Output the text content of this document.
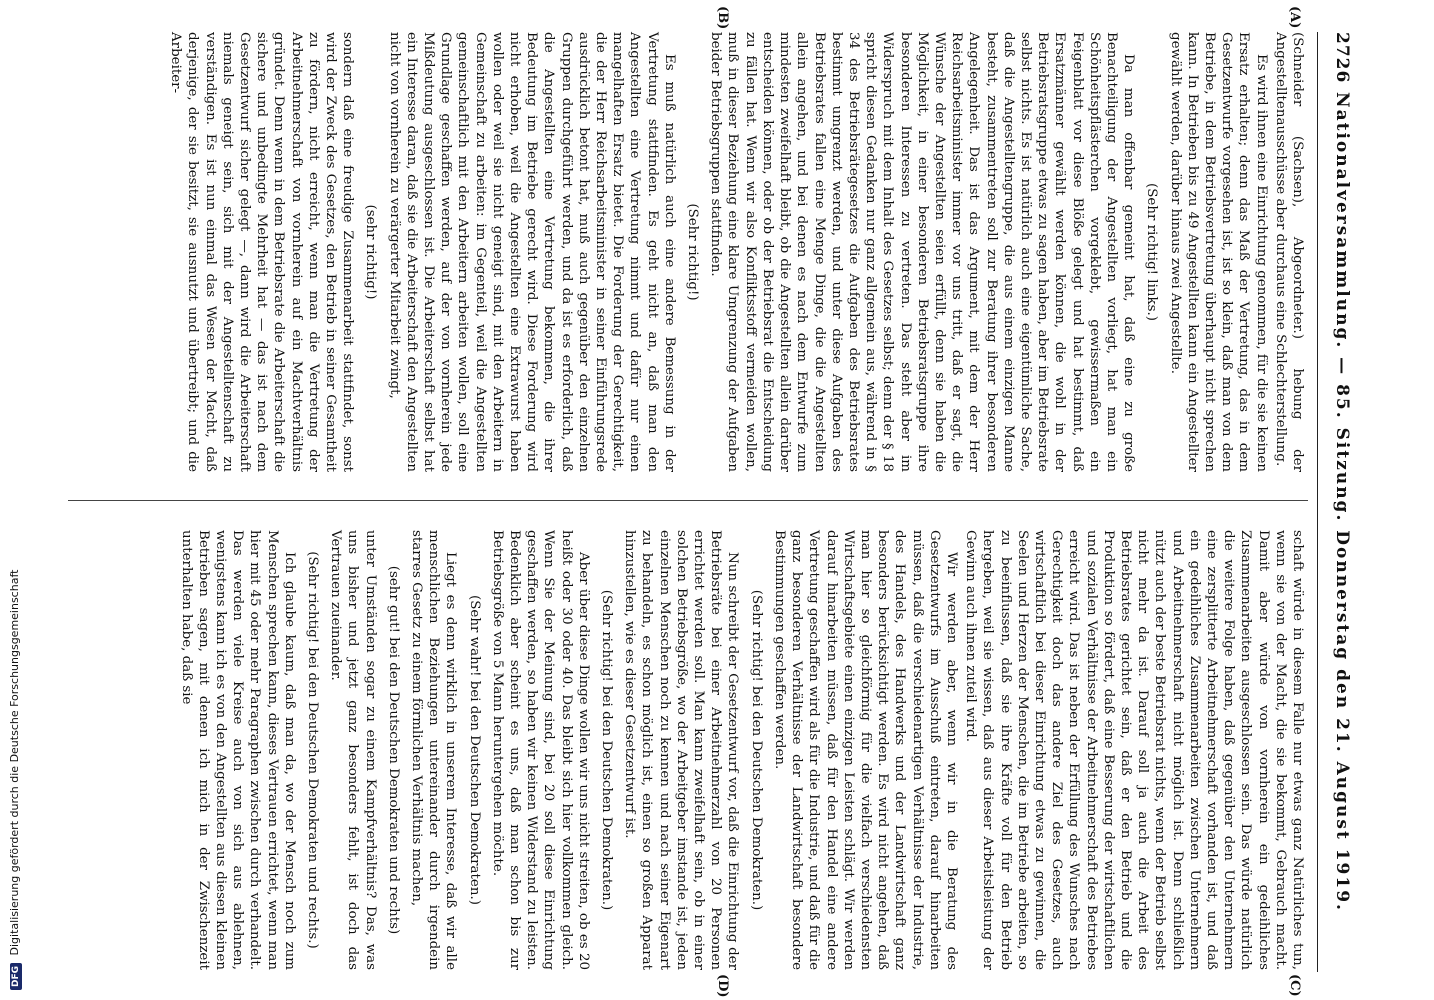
DFG Digitalisierung gefördert durch die Deutsche Forschungsgemeinschaft
2726
Nationalversammlung. — 85. Sitzung. Donnerstag den 21. August 1919.
(A)
(B)
(C)
(D)

(Schneider (Sachsen), Abgeordneter.) hebung der Angestelltenausschüsse aber durchaus eine Schlechterstellung.

Es wird ihnen eine Einrichtung genommen, für die sie keinen Ersatz erhalten; denn das Maß der Vertretung, das in dem Gesetzentwurfe vorgesehen ist, ist so klein, daß man von dem Betriebe, in dem Betriebsvertretung überhaupt nicht sprechen kann. In Betrieben bis zu 49 Angestellten kann ein Angestellter gewählt werden, darüber hinaus zwei Angestellte.

(Sehr richtig! links.)

Da man offenbar gemeint hat, daß eine zu große Benachteiligung der Angestellten vorliegt, hat man ein Schönheitspflästerchen vorgeklebt, gewissermaßen ein Feigenblatt vor diese Blöße gelegt und hat bestimmt, daß Ersatzmänner gewählt werden können, die wohl in der Betriebsratsgruppe etwas zu sagen haben, aber im Betriebsrate selbst nichts. Es ist natürlich auch eine eigentümliche Sache, daß die Angestelltengruppe, die aus einem einzigen Manne besteht, zusammentreten soll zur Beratung ihrer besonderen Angelegenheit. Das ist das Argument, mit dem der Herr Reichsarbeitsminister immer vor uns tritt, daß er sagt, die Wünsche der Angestellten seien erfüllt, denn sie haben die Möglichkeit, in einer besonderen Betriebsratsgruppe ihre besonderen Interessen zu vertreten. Das steht aber im Widerspruch mit dem Inhalt des Gesetzes selbst; denn der § 18 spricht diesen Gedanken nur ganz allgemein aus, während in § 34 des Betriebsrätegesetzes die Aufgaben des Betriebsrates bestimmt umgrenzt werden, und unter diese Aufgaben des Betriebsrates fallen eine Menge Dinge, die die Angestellten allein angehen, und bei denen es nach dem Entwurfe zum mindesten zweifelhaft bleibt, ob die Angestellten allein darüber entscheiden können, oder ob der Betriebsrat die Entscheidung zu fällen hat. Wenn wir also Konfliktsstoff vermeiden wollen, muß in dieser Beziehung eine klare Umgrenzung der Aufgaben beider Betriebsgruppen stattfinden.

(Sehr richtig!)

Es muß natürlich auch eine andere Bemessung in der Vertretung stattfinden. Es geht nicht an, daß man den Angestellten eine Vertretung nimmt und dafür nur einen mangelhaften Ersatz bietet. Die Forderung der Gerechtigkeit, die der Herr Reichsarbeitsminister in seiner Einführungsrede ausdrücklich betont hat, muß auch gegenüber den einzelnen Gruppen durchgeführt werden, und da ist es erforderlich, daß die Angestellten eine Vertretung bekommen, die ihrer Bedeutung im Betriebe gerecht wird. Diese Forderung wird nicht erhoben, weil die Angestellten eine Extrawurst haben wollen oder weil sie nicht geneigt sind, mit den Arbeitern in Gemeinschaft zu arbeiten: im Gegenteil, weil die Angestellten gemeinschaftlich mit den Arbeitern arbeiten wollen, soll eine Grundlage geschaffen werden, auf der von vornherein jede Mißdeutung ausgeschlossen ist. Die Arbeiterschaft selbst hat ein Interesse daran, daß sie die Arbeiterschaft den Angestellten nicht von vornherein zu verärgerter Mitarbeit zwingt,

(sehr richtig!)

sondern daß eine freudige Zusammenarbeit stattfindet, sonst wird der Zweck des Gesetzes, den Betrieb in seiner Gesamtheit zu fördern, nicht erreicht, wenn man die Vertretung der Arbeitnehmerschaft von vornherein auf ein Machtverhältnis gründet. Denn wenn in dem Betriebsrate die Arbeiterschaft die sichere und unbedingte Mehrheit hat — das ist nach dem Gesetzentwurf sicher gelegt —, dann wird die Arbeiterschaft niemals geneigt sein, sich mit der Angestelltenschaft zu verständigen. Es ist nun einmal das Wesen der Macht, daß derjenige, der sie besitzt, sie ausnutzt und übertreibt; und die Arbeiter-

schaft würde in diesem Falle nur etwas ganz Natürliches tun, wenn sie von der Macht, die sie bekommt, Gebrauch macht. Damit aber würde von vornherein ein gedeihliches Zusammenarbeiten ausgeschlossen sein. Das würde natürlich die weitere Folge haben, daß gegenüber den Unternehmern eine zersplitterte Arbeitnehmerschaft vorhanden ist, und daß ein gedeihliches Zusammenarbeiten zwischen Unternehmern und Arbeitnehmerschaft nicht möglich ist. Denn schließlich nützt auch der beste Betriebsrat nichts, wenn der Betrieb selbst nicht mehr da ist. Darauf soll ja auch die Arbeit des Betriebsrates gerichtet sein, daß er den Betrieb und die Produktion so fördert, daß eine Besserung der wirtschaftlichen und sozialen Verhältnisse der Arbeitnehmerschaft des Betriebes erreicht wird. Das ist neben der Erfüllung des Wunsches nach Gerechtigkeit doch das andere Ziel des Gesetzes, auch wirtschaftlich bei dieser Einrichtung etwas zu gewinnen, die Seelen und Herzen der Menschen, die im Betriebe arbeiten, so zu beeinflussen, daß sie ihre Kräfte voll für den Betrieb hergeben, weil sie wissen, daß aus dieser Arbeitsleistung der Gewinn auch ihnen zuteil wird.

Wir werden aber, wenn wir in die Beratung des Gesetzentwurfs im Ausschuß eintreten, darauf hinarbeiten müssen, daß die verschiedenartigen Verhältnisse der Industrie, des Handels, des Handwerks und der Landwirtschaft ganz besonders berücksichtigt werden. Es wird nicht angehen, daß man hier so gleichförmig für die vielfach verschiedensten Wirtschaftsgebiete einen einzigen Leisten schlägt. Wir werden darauf hinarbeiten müssen, daß für den Handel eine andere Vertretung geschaffen wird als für die Industrie, und daß für die ganz besonderen Verhältnisse der Landwirtschaft besondere Bestimmungen geschaffen werden.

(Sehr richtig! bei den Deutschen Demokraten.)

Nun schreibt der Gesetzentwurf vor, daß die Einrichtung der Betriebsräte bei einer Arbeitnehmerzahl von 20 Personen errichtet werden soll. Man kann zweifelhaft sein, ob in einer solchen Betriebsgröße, wo der Arbeitgeber imstande ist, jeden einzelnen Menschen noch zu kennen und nach seiner Eigenart zu behandeln, es schon möglich ist, einen so großen Apparat hinzustellen, wie es dieser Gesetzentwurf ist.

(Sehr richtig! bei den Deutschen Demokraten.)

Aber über diese Dinge wollen wir uns nicht streiten, ob es 20 heißt oder 30 oder 40. Das bleibt sich hier vollkommen gleich. Wenn Sie der Meinung sind, bei 20 soll diese Einrichtung geschaffen werden, so haben wir keinen Widerstand zu leisten. Bedenklich aber scheint es uns, daß man schon bis zur Betriebsgröße von 5 Mann heruntergehen möchte.

(Sehr wahr! bei den Deutschen Demokraten.)

Liegt es denn wirklich in unserem Interesse, daß wir alle menschlichen Beziehungen untereinander durch irgendein starres Gesetz zu einem förmlichen Verhältnis machen,

(sehr gut! bei den Deutschen Demokraten und rechts)

unter Umständen sogar zu einem Kampfverhältnis? Das, was uns bisher und jetzt ganz besonders fehlt, ist doch das Vertrauen zueinander.

(Sehr richtig! bei den Deutschen Demokraten und rechts.)

Ich glaube kaum, daß man da, wo der Mensch noch zum Menschen sprechen kann, dieses Vertrauen errichtet, wenn man hier mit 45 oder mehr Paragraphen zwischen durch verhandelt. Das werden viele Kreise auch von sich aus ablehnen, wenigstens kann ich es von den Angestellten aus diesen kleinen Betrieben sagen, mit denen ich mich in der Zwischenzeit unterhalten habe, daß sie
